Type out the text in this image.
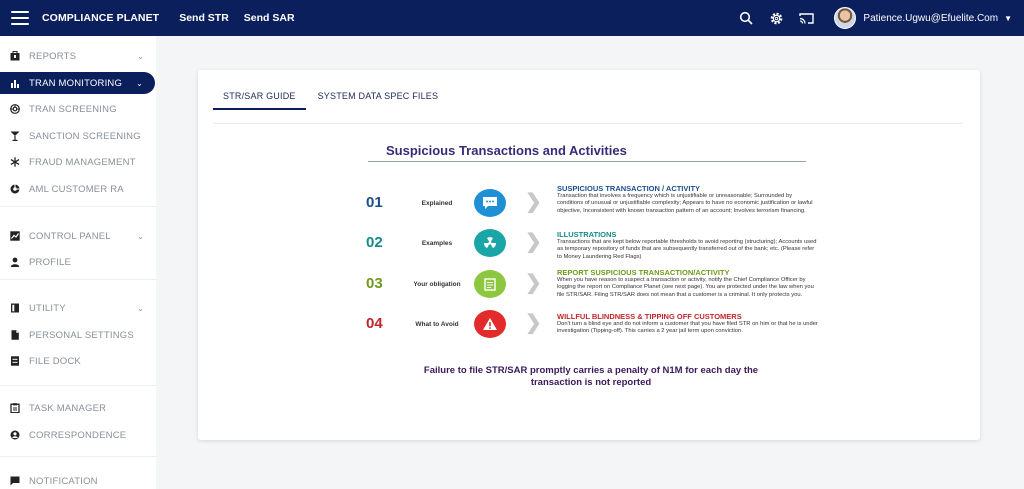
COMPLIANCE PLANET Send STR Send SAR	Patience.Ugwu@Efuelite.Com ▼
REPORTS	⌄
TRAN MONITORING ⌄
TRAN SCREENING
SANCTION SCREENING
FRAUD MANAGEMENT
AML CUSTOMER RA
CONTROL PANEL	⌄
PROFILE
UTILITY	⌄
PERSONAL SETTINGS
FILE DOCK
TASK MANAGER
CORRESPONDENCE
NOTIFICATION
STR/SAR GUIDE	SYSTEM DATA SPEC FILES
Suspicious Transactions and Activities
01	Explained	❯
SUSPICIOUS TRANSACTION / ACTIVITY
Transaction that involves a frequency which is unjustifiable or unreasonable; Surrounded by conditions of unusual or unjustifiable complexity; Appears to have no economic justification or lawful objective, Inconsistent with known transaction pattern of an account; Involves terrorism financing.
02	Examples	❯ ILLUSTRATIONS
Transactions that are kept below reportable thresholds to avoid reporting (structuring); Accounts used as temporary repository of funds that are subsequently transferred out of the bank; etc. (Please refer to Money Laundering Red Flags)
03	Your obligation	❯ REPORT SUSPICIOUS TRANSACTION/ACTIVITY
When you have reason to suspect a transaction or activity, notify the Chief Compliance Officer by logging the report on Compliance Planet (see next page). You are protected under the law when you file STR/SAR. Filing STR/SAR does not mean that a customer is a criminal. It only protects you.
04	What to Avoid	❯ WILLFUL BLINDNESS & TIPPING OFF CUSTOMERS
Don't turn a blind eye and do not inform a customer that you have filed STR on him or that he is under investigation (Tipping-off). This carries a 2 year jail term upon conviction.
Failure to file STR/SAR promptly carries a penalty of N1M for each day the transaction is not reported
